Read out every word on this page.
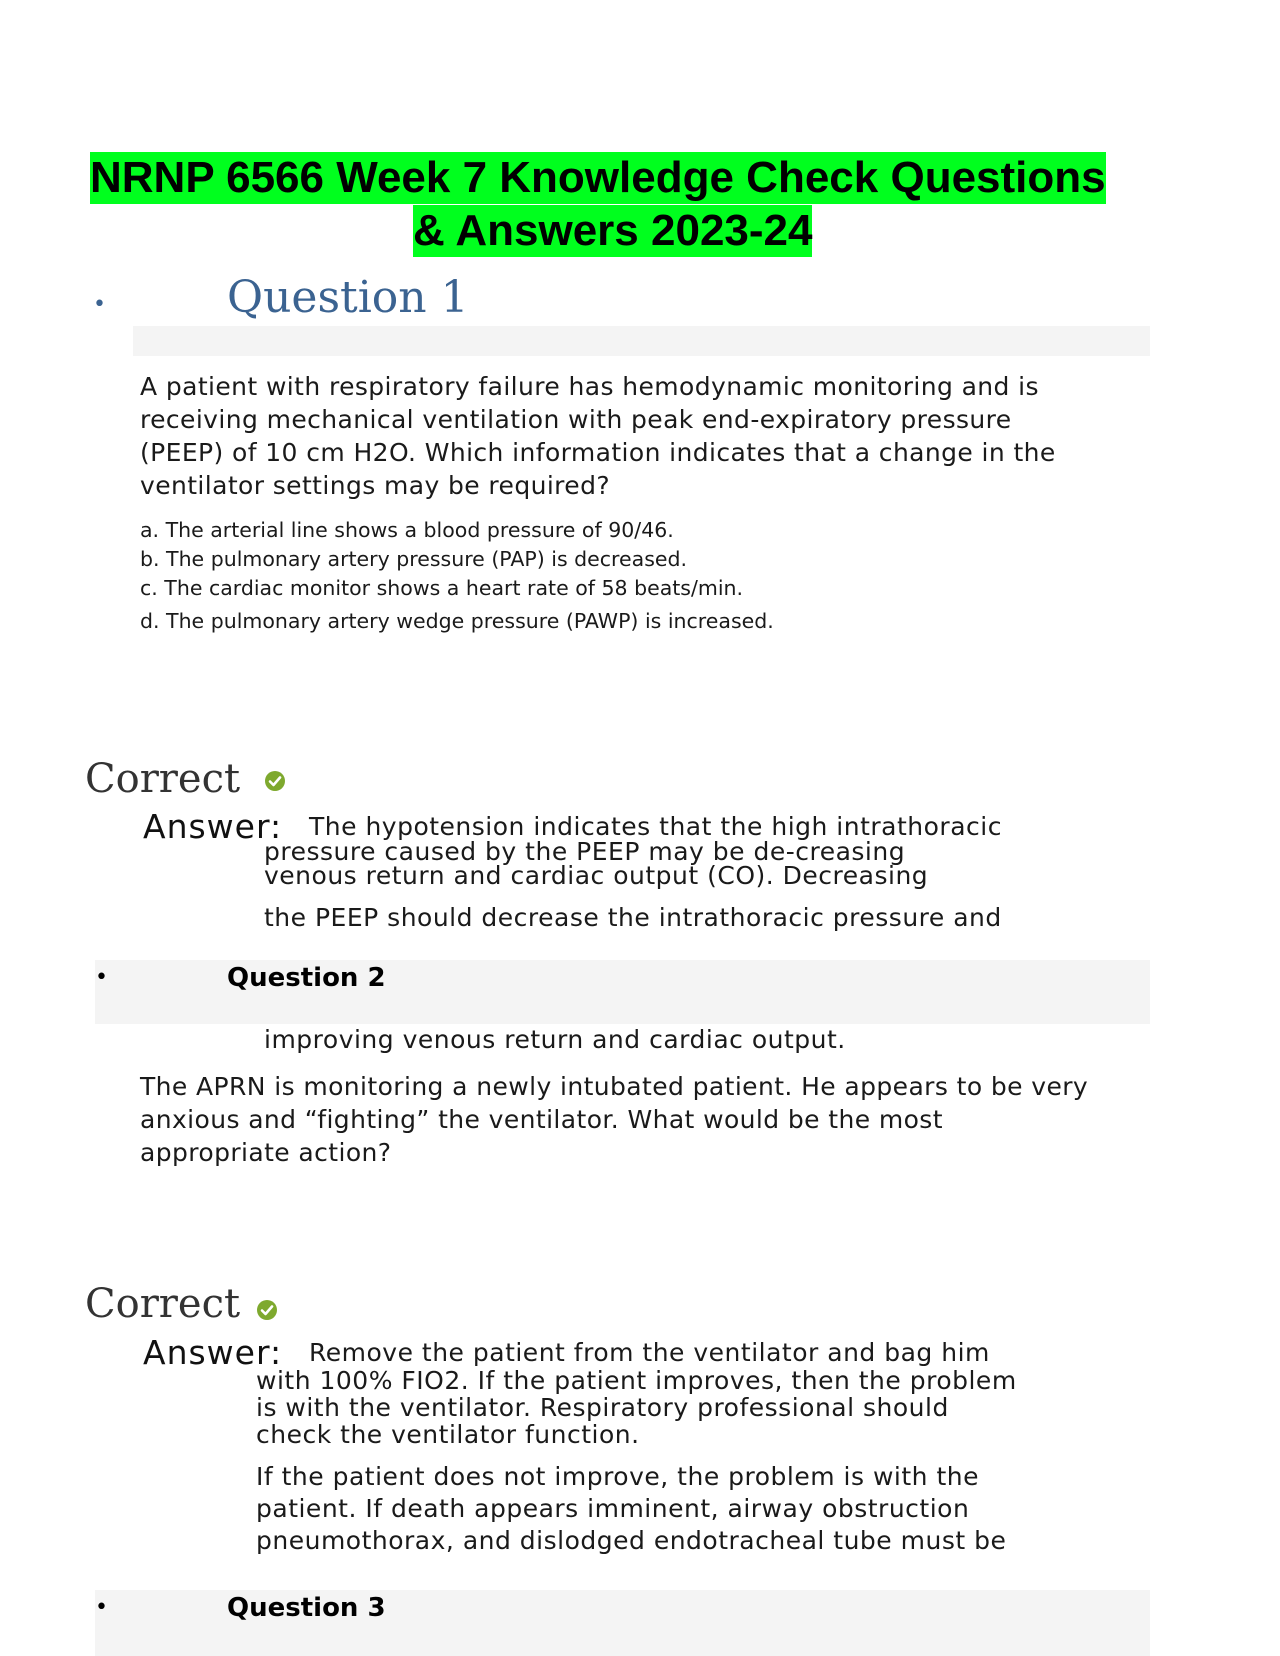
NRNP 6566 Week 7 Knowledge Check Questions
& Answers 2023-24
•	Question 1

A patient with respiratory failure has hemodynamic monitoring and is receiving mechanical ventilation with peak end-expiratory pressure (PEEP) of 10 cm H2O. Which information indicates that a change in the ventilator settings may be required?

a. The arterial line shows a blood pressure of 90/46.
b. The pulmonary artery pressure (PAP) is decreased.
c. The cardiac monitor shows a heart rate of 58 beats/min.
d. The pulmonary artery wedge pressure (PAWP) is increased.
Correct
Answer: The hypotension indicates that the high intrathoracic
pressure caused by the PEEP may be de-creasing
venous return and cardiac output (CO). Decreasing
the PEEP should decrease the intrathoracic pressure and
•	Question 2
improving venous return and cardiac output.

The APRN is monitoring a newly intubated patient. He appears to be very anxious and “fighting” the ventilator. What would be the most appropriate action?

Correct
Answer: Remove the patient from the ventilator and bag him
with 100% FIO2. If the patient improves, then the problem
is with the ventilator. Respiratory professional should
check the ventilator function.
If the patient does not improve, the problem is with the
patient. If death appears imminent, airway obstruction
pneumothorax, and dislodged endotracheal tube must be
•	Question 3
